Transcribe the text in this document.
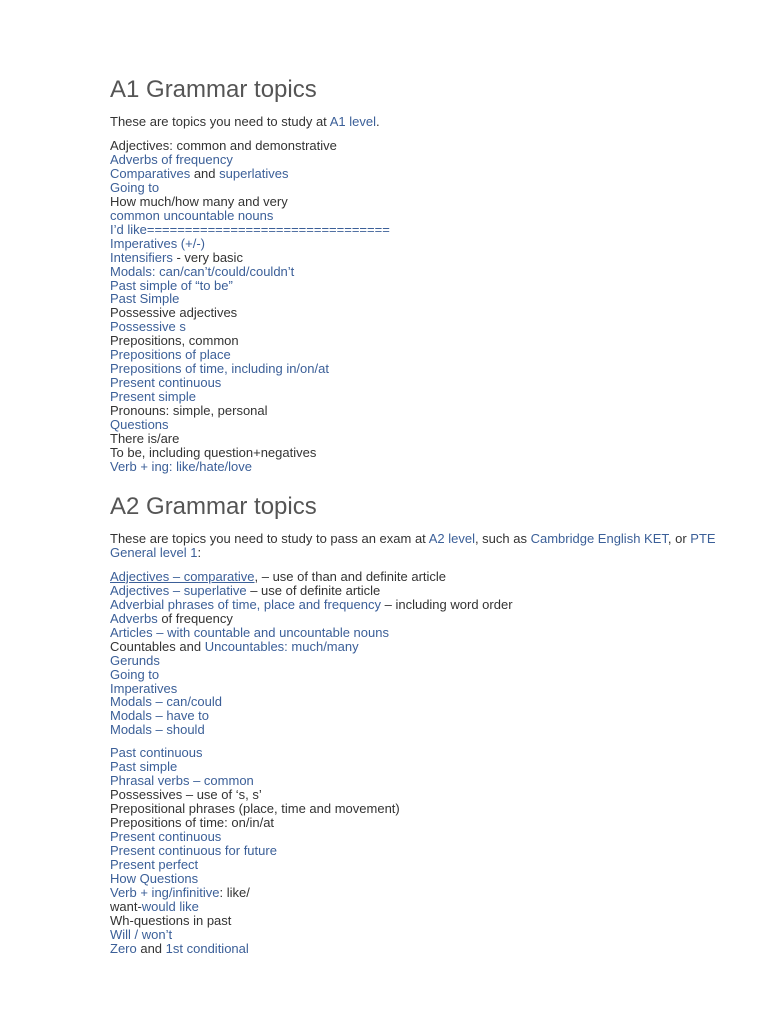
A1 Grammar topics

These are topics you need to study at A1 level.

Adjectives: common and demonstrative
Adverbs of frequency
Comparatives and superlatives
Going to
How much/how many and very
common uncountable nouns
I’d like================================
Imperatives (+/-)
Intensifiers - very basic
Modals: can/can’t/could/couldn’t
Past simple of “to be”
Past Simple
Possessive adjectives
Possessive s
Prepositions, common
Prepositions of place
Prepositions of time, including in/on/at
Present continuous
Present simple
Pronouns: simple, personal
Questions
There is/are
To be, including question+negatives
Verb + ing: like/hate/love
A2 Grammar topics

These are topics you need to study to pass an exam at A2 level, such as Cambridge English KET, or PTE
General level 1:

Adjectives – comparative, – use of than and definite article
Adjectives – superlative – use of definite article
Adverbial phrases of time, place and frequency – including word order
Adverbs of frequency
Articles – with countable and uncountable nouns
Countables and Uncountables: much/many
Gerunds
Going to
Imperatives
Modals – can/could
Modals – have to
Modals – should
Past continuous
Past simple
Phrasal verbs – common
Possessives – use of ‘s, s’
Prepositional phrases (place, time and movement)
Prepositions of time: on/in/at
Present continuous
Present continuous for future
Present perfect
How Questions
Verb + ing/infinitive: like/
want-would like
Wh-questions in past
Will / won’t
Zero and 1st conditional
